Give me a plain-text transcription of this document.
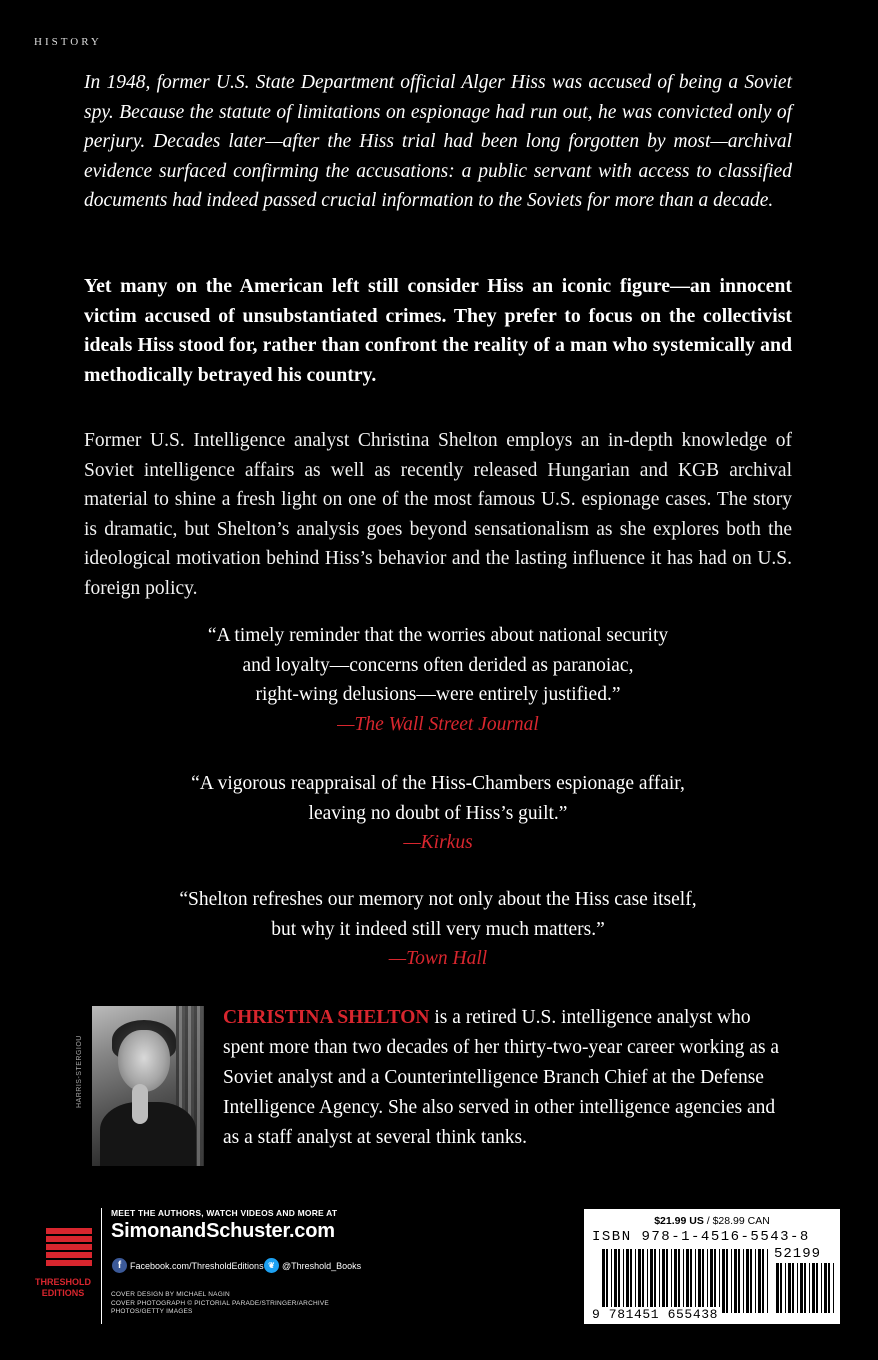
HISTORY

In 1948, former U.S. State Department official Alger Hiss was accused of being a Soviet spy. Because the statute of limitations on espionage had run out, he was convicted only of perjury. Decades later—after the Hiss trial had been long forgotten by most—archival evidence surfaced confirming the accusations: a public servant with access to classified documents had indeed passed crucial information to the Soviets for more than a decade.

Yet many on the American left still consider Hiss an iconic figure—an innocent victim accused of unsubstantiated crimes. They prefer to focus on the collectivist ideals Hiss stood for, rather than confront the reality of a man who systemically and methodically betrayed his country.

Former U.S. Intelligence analyst Christina Shelton employs an in-depth knowledge of Soviet intelligence affairs as well as recently released Hungarian and KGB archival material to shine a fresh light on one of the most famous U.S. espionage cases. The story is dramatic, but Shelton’s analysis goes beyond sensationalism as she explores both the ideological motivation behind Hiss’s behavior and the lasting influence it has had on U.S. foreign policy.

“A timely reminder that the worries about national security
and loyalty—concerns often derided as paranoiac,
right-wing delusions—were entirely justified.”
—The Wall Street Journal
“A vigorous reappraisal of the Hiss-Chambers espionage affair,
leaving no doubt of Hiss’s guilt.”
—Kirkus
“Shelton refreshes our memory not only about the Hiss case itself,
but why it indeed still very much matters.”
—Town Hall
HARRIS-STERGIOU

CHRISTINA SHELTON is a retired U.S. intelligence analyst who spent more than two decades of her thirty-two-year career working as a Soviet analyst and a Counterintelligence Branch Chief at the Defense Intelligence Agency. She also served in other intelligence agencies and as a staff analyst at several think tanks.

THRESHOLD
EDITIONS
MEET THE AUTHORS, WATCH VIDEOS AND MORE AT
SimonandSchuster.com
f Facebook.com/ThresholdEditions ❦ @Threshold_Books
COVER DESIGN BY MICHAEL NAGIN
COVER PHOTOGRAPH © PICTORIAL PARADE/STRINGER/ARCHIVE
PHOTOS/GETTY IMAGES
$21.99 US / $28.99 CAN
ISBN 978-1-4516-5543-8
52199
9 781451 655438
